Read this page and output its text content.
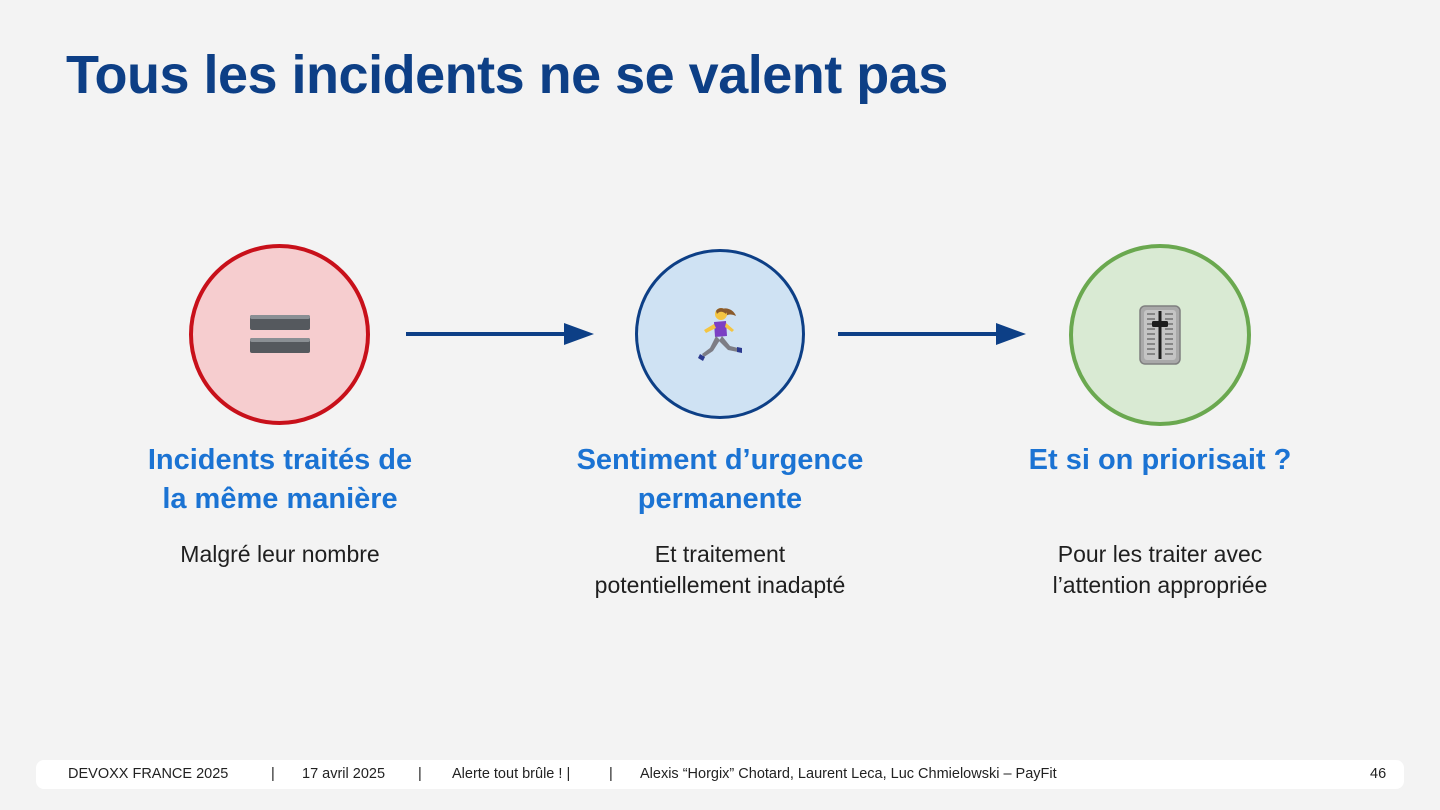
Tous les incidents ne se valent pas
Incidents traités de
la même manière
Sentiment d’urgence
permanente
Et si on priorisait ?
Malgré leur nombre	Et traitement
potentiellement inadapté
Pour les traiter avec
l’attention appropriée
DEVOXX FRANCE 2025	| 17 avril 2025 | Alerte tout brûle ! |	| Alexis “Horgix” Chotard, Laurent Leca, Luc Chmielowski – PayFit	46
